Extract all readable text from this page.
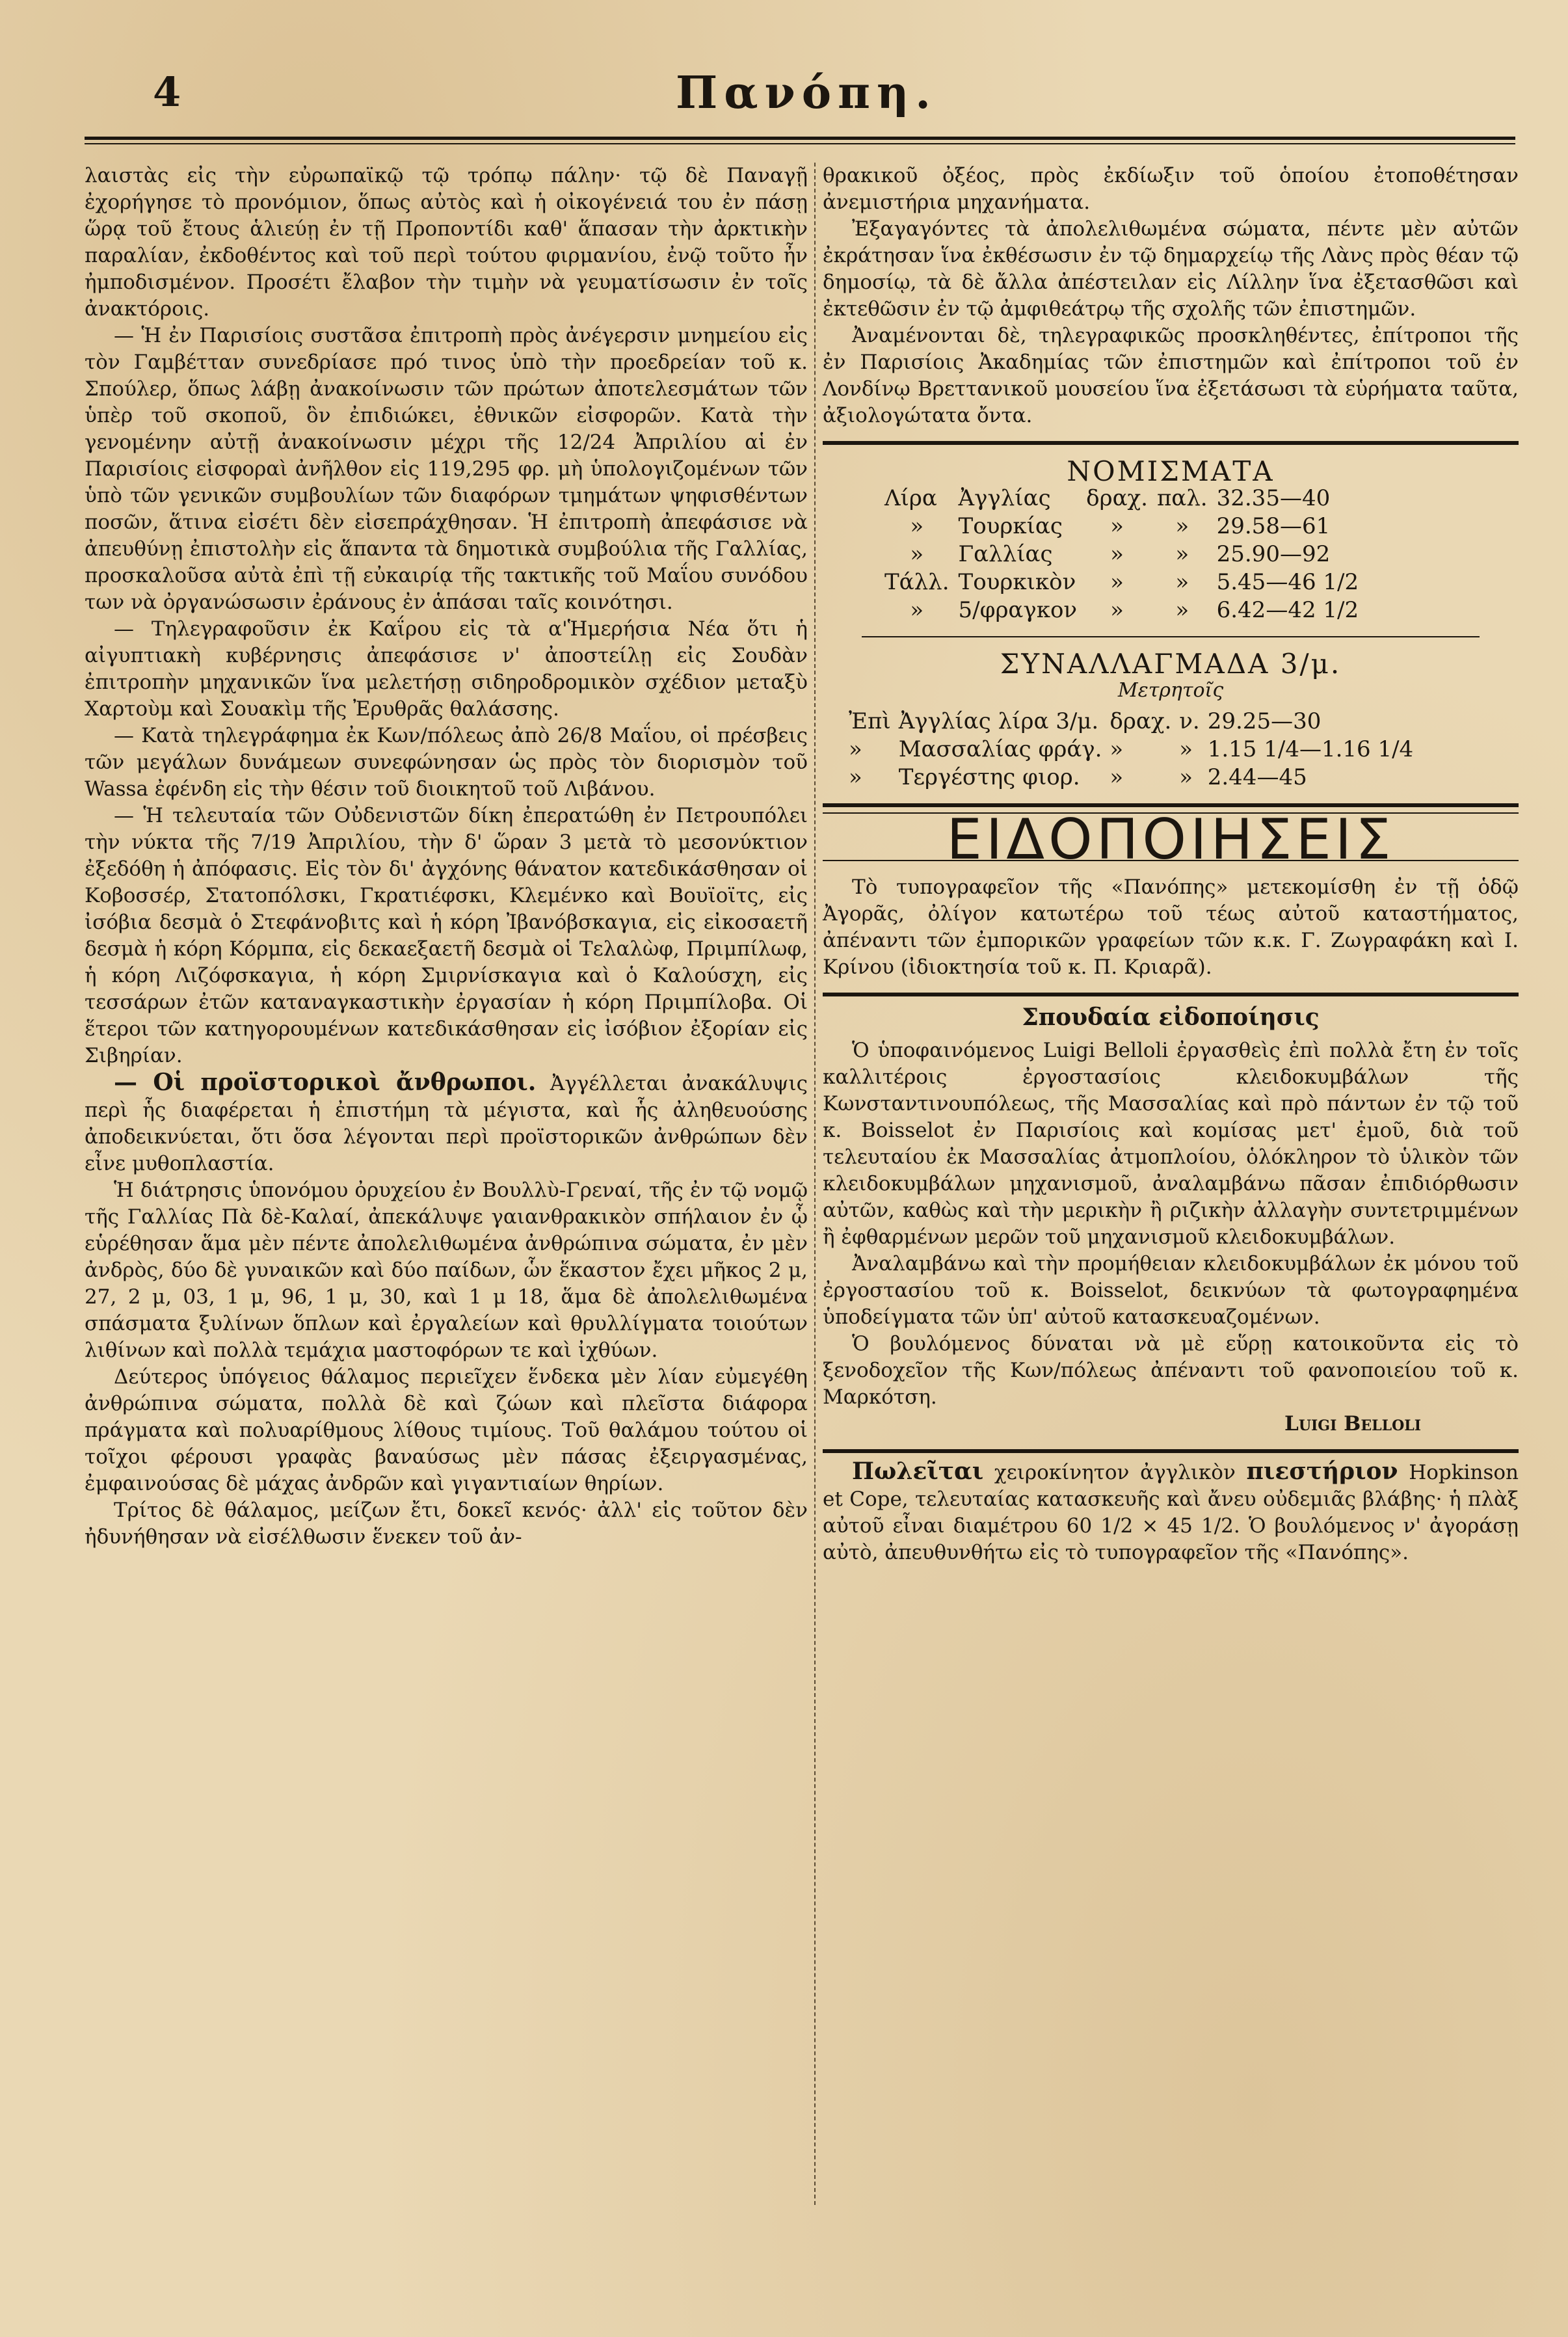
4	Πανόπη.

λαιστὰς εἰς τὴν εὐρωπαϊκῷ τῷ τρόπῳ πάλην· τῷ δὲ Παναγῇ ἐχορήγησε τὸ προνόμιον, ὅπως αὐτὸς καὶ ἡ οἰκογένειά του ἐν πάσῃ ὥρᾳ τοῦ ἔτους ἁλιεύῃ ἐν τῇ Προποντίδι καθ' ἅπασαν τὴν ἀρκτικὴν παραλίαν, ἐκδοθέντος καὶ τοῦ περὶ τούτου φιρμανίου, ἐνῷ τοῦτο ἦν ἠμποδισμένον. Προσέτι ἔλαβον τὴν τιμὴν νὰ γευματίσωσιν ἐν τοῖς ἀνακτόροις.

— Ἡ ἐν Παρισίοις συστᾶσα ἐπιτροπὴ πρὸς ἀνέγερσιν μνημείου εἰς τὸν Γαμβέτταν συνεδρίασε πρό τινος ὑπὸ τὴν προεδρείαν τοῦ κ. Σπούλερ, ὅπως λάβῃ ἀνακοίνωσιν τῶν πρώτων ἀποτελεσμάτων τῶν ὑπὲρ τοῦ σκοποῦ, ὃν ἐπιδιώκει, ἐθνικῶν εἰσφορῶν. Κατὰ τὴν γενομένην αὐτῇ ἀνακοίνωσιν μέχρι τῆς 12/24 Ἀπριλίου αἱ ἐν Παρισίοις εἰσφοραὶ ἀνῆλθον εἰς 119,295 φρ. μὴ ὑπολογιζομένων τῶν ὑπὸ τῶν γενικῶν συμβουλίων τῶν διαφόρων τμημάτων ψηφισθέντων ποσῶν, ἅτινα εἰσέτι δὲν εἰσεπράχθησαν. Ἡ ἐπιτροπὴ ἀπεφάσισε νὰ ἀπευθύνῃ ἐπιστολὴν εἰς ἅπαντα τὰ δημοτικὰ συμβούλια τῆς Γαλλίας, προσκαλοῦσα αὐτὰ ἐπὶ τῇ εὐκαιρίᾳ τῆς τακτικῆς τοῦ Μαΐου συνόδου των νὰ ὀργανώσωσιν ἐράνους ἐν ἁπάσαι ταῖς κοινότησι.

— Τηλεγραφοῦσιν ἐκ Καΐρου εἰς τὰ α'Ἡμερήσια Νέα ὅτι ἡ αἰγυπτιακὴ κυβέρνησις ἀπεφάσισε ν' ἀποστείλῃ εἰς Σουδὰν ἐπιτροπὴν μηχανικῶν ἵνα μελετήσῃ σιδηροδρομικὸν σχέδιον μεταξὺ Χαρτοὺμ καὶ Σουακὶμ τῆς Ἐρυθρᾶς θαλάσσης.

— Κατὰ τηλεγράφημα ἐκ Κων/πόλεως ἀπὸ 26/8 Μαΐου, οἱ πρέσβεις τῶν μεγάλων δυνάμεων συνεφώνησαν ὡς πρὸς τὸν διορισμὸν τοῦ Wassa ἐφένδη εἰς τὴν θέσιν τοῦ διοικητοῦ τοῦ Λιβάνου.

— Ἡ τελευταία τῶν Οὐδενιστῶν δίκη ἐπερατώθη ἐν Πετρουπόλει τὴν νύκτα τῆς 7/19 Ἀπριλίου, τὴν δ' ὥραν 3 μετὰ τὸ μεσονύκτιον ἐξεδόθη ἡ ἀπόφασις. Εἰς τὸν δι' ἀγχόνης θάνατον κατεδικάσθησαν οἱ Κοβοσσέρ, Στατοπόλσκι, Γκρατιέφσκι, Κλεμένκο καὶ Βουϊοϊτς, εἰς ἰσόβια δεσμὰ ὁ Στεφάνοβιτς καὶ ἡ κόρη Ἰβανόβσκαγια, εἰς εἰκοσαετῆ δεσμὰ ἡ κόρη Κόρμπα, εἰς δεκαεξαετῆ δεσμὰ οἱ Τελαλὼφ, Πριμπίλωφ, ἡ κόρη Λιζόφσκαγια, ἡ κόρη Σμιρνίσκαγια καὶ ὁ Καλούσχη, εἰς τεσσάρων ἐτῶν καταναγκαστικὴν ἐργασίαν ἡ κόρη Πριμπίλοβα. Οἱ ἕτεροι τῶν κατηγορουμένων κατεδικάσθησαν εἰς ἰσόβιον ἐξορίαν εἰς Σιβηρίαν.

— Οἱ προϊστορικοὶ ἄνθρωποι. Ἀγγέλλεται ἀνακάλυψις περὶ ἧς διαφέρεται ἡ ἐπιστήμη τὰ μέγιστα, καὶ ἧς ἀληθευούσης ἀποδεικνύεται, ὅτι ὅσα λέγονται περὶ προϊστορικῶν ἀνθρώπων δὲν εἶνε μυθοπλαστία.

Ἡ διάτρησις ὑπονόμου ὀρυχείου ἐν Βουλλὺ-Γρεναί, τῆς ἐν τῷ νομῷ τῆς Γαλλίας Πὰ δὲ-Καλαί, ἀπεκάλυψε γαιανθρακικὸν σπήλαιον ἐν ᾧ εὑρέθησαν ἅμα μὲν πέντε ἀπολελιθωμένα ἀνθρώπινα σώματα, ἐν μὲν ἀνδρὸς, δύο δὲ γυναικῶν καὶ δύο παίδων, ὧν ἕκαστον ἔχει μῆκος 2 μ, 27, 2 μ, 03, 1 μ, 96, 1 μ, 30, καὶ 1 μ 18, ἅμα δὲ ἀπολελιθωμένα σπάσματα ξυλίνων ὅπλων καὶ ἐργαλείων καὶ θρυλλίγματα τοιούτων λιθίνων καὶ πολλὰ τεμάχια μαστοφόρων τε καὶ ἰχθύων.

Δεύτερος ὑπόγειος θάλαμος περιεῖχεν ἕνδεκα μὲν λίαν εὐμεγέθη ἀνθρώπινα σώματα, πολλὰ δὲ καὶ ζώων καὶ πλεῖστα διάφορα πράγματα καὶ πολυαρίθμους λίθους τιμίους. Τοῦ θαλάμου τούτου οἱ τοῖχοι φέρουσι γραφὰς βαναύσως μὲν πάσας ἐξειργασμένας, ἐμφαινούσας δὲ μάχας ἀνδρῶν καὶ γιγαντιαίων θηρίων.

Τρίτος δὲ θάλαμος, μείζων ἔτι, δοκεῖ κενός· ἀλλ' εἰς τοῦτον δὲν ἠδυνήθησαν νὰ εἰσέλθωσιν ἕνεκεν τοῦ ἀν-

θρακικοῦ ὀξέος, πρὸς ἐκδίωξιν τοῦ ὁποίου ἐτοποθέτησαν ἀνεμιστήρια μηχανήματα.

Ἐξαγαγόντες τὰ ἀπολελιθωμένα σώματα, πέντε μὲν αὐτῶν ἐκράτησαν ἵνα ἐκθέσωσιν ἐν τῷ δημαρχείῳ τῆς Λὰνς πρὸς θέαν τῷ δημοσίῳ, τὰ δὲ ἄλλα ἀπέστειλαν εἰς Λίλλην ἵνα ἐξετασθῶσι καὶ ἐκτεθῶσιν ἐν τῷ ἀμφιθεάτρῳ τῆς σχολῆς τῶν ἐπιστημῶν.

Ἀναμένονται δὲ, τηλεγραφικῶς προσκληθέντες, ἐπίτροποι τῆς ἐν Παρισίοις Ἀκαδημίας τῶν ἐπιστημῶν καὶ ἐπίτροποι τοῦ ἐν Λονδίνῳ Βρεττανικοῦ μουσείου ἵνα ἐξετάσωσι τὰ εὑρήματα ταῦτα, ἀξιολογώτατα ὄντα.

ΝΟΜΙΣΜΑΤΑ
Λίρα	Ἀγγλίας	δραχ.	παλ.	32.35—40
»	Τουρκίας	»	»	29.58—61
»	Γαλλίας	»	»	25.90—92
Τάλλ.	Τουρκικὸν	»	»	5.45—46 1/2
»	5/φραγκον	»	»	6.42—42 1/2
ΣΥΝΑΛΛΑΓΜΑΔΑ 3/μ.
Μετρητοῖς
Ἐπὶ	Ἀγγλίας λίρα 3/μ.	δραχ.	ν.	29.25—30
»	Μασσαλίας φράγ.	»	»	1.15 1/4—1.16 1/4
»	Τεργέστης φιορ.	»	»	2.44—45
ΕΙΔΟΠΟΙΗΣΕΙΣ

Τὸ τυπογραφεῖον τῆς «Πανόπης» μετεκομίσθη ἐν τῇ ὁδῷ Ἀγορᾶς, ὀλίγον κατωτέρω τοῦ τέως αὐτοῦ καταστήματος, ἀπέναντι τῶν ἐμπορικῶν γραφείων τῶν κ.κ. Γ. Ζωγραφάκη καὶ Ι. Κρίνου (ἰδιοκτησία τοῦ κ. Π. Κριαρᾶ).

Σπουδαία εἰδοποίησις

Ὁ ὑποφαινόμενος Luigi Belloli ἐργασθεὶς ἐπὶ πολλὰ ἔτη ἐν τοῖς καλλιτέροις ἐργοστασίοις κλειδοκυμβάλων τῆς Κωνσταντινουπόλεως, τῆς Μασσαλίας καὶ πρὸ πάντων ἐν τῷ τοῦ κ. Boisselot ἐν Παρισίοις καὶ κομίσας μετ' ἐμοῦ, διὰ τοῦ τελευταίου ἐκ Μασσαλίας ἀτμοπλοίου, ὁλόκληρον τὸ ὑλικὸν τῶν κλειδοκυμβάλων μηχανισμοῦ, ἀναλαμβάνω πᾶσαν ἐπιδιόρθωσιν αὐτῶν, καθὼς καὶ τὴν μερικὴν ἢ ριζικὴν ἀλλαγὴν συντετριμμένων ἢ ἐφθαρμένων μερῶν τοῦ μηχανισμοῦ κλειδοκυμβάλων.

Ἀναλαμβάνω καὶ τὴν προμήθειαν κλειδοκυμβάλων ἐκ μόνου τοῦ ἐργοστασίου τοῦ κ. Boisselot, δεικνύων τὰ φωτογραφημένα ὑποδείγματα τῶν ὑπ' αὐτοῦ κατασκευαζομένων.

Ὁ βουλόμενος δύναται νὰ μὲ εὕρῃ κατοικοῦντα εἰς τὸ ξενοδοχεῖον τῆς Κων/πόλεως ἀπέναντι τοῦ φανοποιείου τοῦ κ. Μαρκότση.

Luigi Belloli

Πωλεῖται χειροκίνητον ἀγγλικὸν πιεστήριον Hopkinson et Cope, τελευταίας κατασκευῆς καὶ ἄνευ οὐδεμιᾶς βλάβης· ἡ πλὰξ αὐτοῦ εἶναι διαμέτρου 60 1/2 × 45 1/2. Ὁ βουλόμενος ν' ἀγοράσῃ αὐτὸ, ἀπευθυνθήτω εἰς τὸ τυπογραφεῖον τῆς «Πανόπης».
